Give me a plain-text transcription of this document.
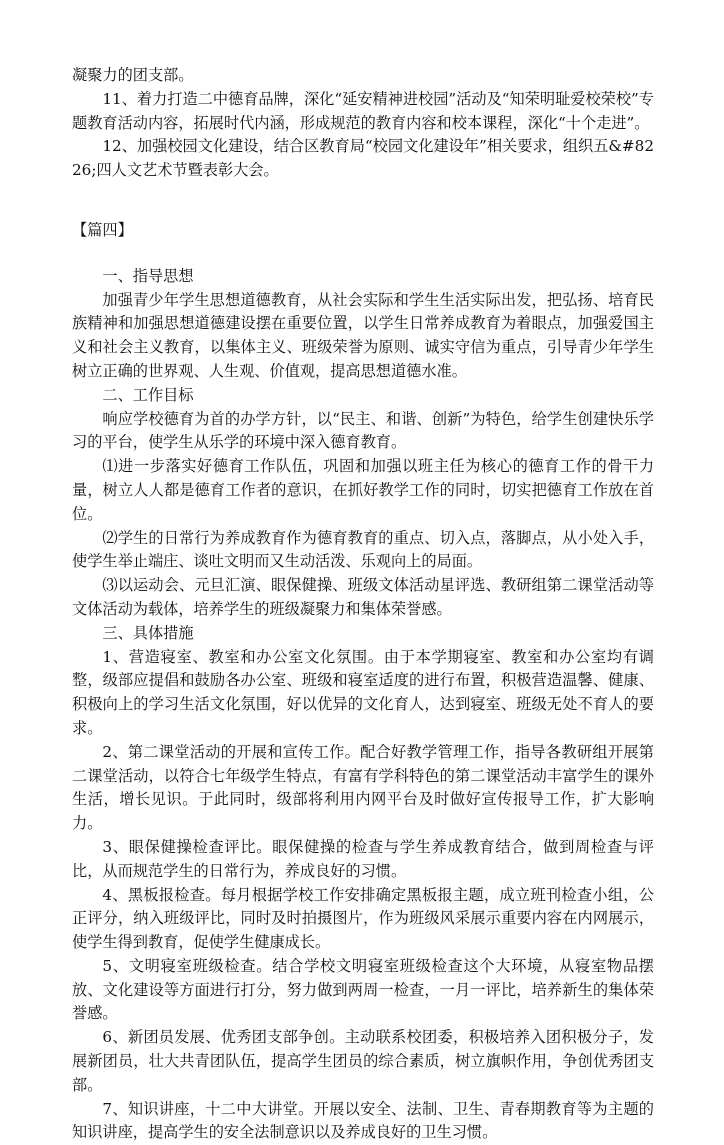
凝聚力的团支部。

11、着力打造二中德育品牌，深化“延安精神进校园”活动及“知荣明耻爱校荣校”专题教育活动内容，拓展时代内涵，形成规范的教育内容和校本课程，深化“十个走进”。

12、加强校园文化建设，结合区教育局“校园文化建设年”相关要求，组织五&#8226;四人文艺术节暨表彰大会。

【篇四】

一、指导思想

加强青少年学生思想道德教育，从社会实际和学生生活实际出发，把弘扬、培育民族精神和加强思想道德建设摆在重要位置，以学生日常养成教育为着眼点，加强爱国主义和社会主义教育，以集体主义、班级荣誉为原则、诚实守信为重点，引导青少年学生树立正确的世界观、人生观、价值观，提高思想道德水准。

二、工作目标

响应学校德育为首的办学方针，以“民主、和谐、创新”为特色，给学生创建快乐学习的平台，使学生从乐学的环境中深入德育教育。

⑴进一步落实好德育工作队伍，巩固和加强以班主任为核心的德育工作的骨干力量，树立人人都是德育工作者的意识，在抓好教学工作的同时，切实把德育工作放在首位。

⑵学生的日常行为养成教育作为德育教育的重点、切入点，落脚点，从小处入手，使学生举止端庄、谈吐文明而又生动活泼、乐观向上的局面。

⑶以运动会、元旦汇演、眼保健操、班级文体活动星评选、教研组第二课堂活动等文体活动为载体，培养学生的班级凝聚力和集体荣誉感。

三、具体措施

1、营造寝室、教室和办公室文化氛围。由于本学期寝室、教室和办公室均有调整，级部应提倡和鼓励各办公室、班级和寝室适度的进行布置，积极营造温馨、健康、积极向上的学习生活文化氛围，好以优异的文化育人，达到寝室、班级无处不育人的要求。

2、第二课堂活动的开展和宣传工作。配合好教学管理工作，指导各教研组开展第二课堂活动，以符合七年级学生特点，有富有学科特色的第二课堂活动丰富学生的课外生活，增长见识。于此同时，级部将利用内网平台及时做好宣传报导工作，扩大影响力。

3、眼保健操检查评比。眼保健操的检查与学生养成教育结合，做到周检查与评比，从而规范学生的日常行为，养成良好的习惯。

4、黑板报检查。每月根据学校工作安排确定黑板报主题，成立班刊检查小组，公正评分，纳入班级评比，同时及时拍摄图片，作为班级风采展示重要内容在内网展示，使学生得到教育，促使学生健康成长。

5、文明寝室班级检查。结合学校文明寝室班级检查这个大环境，从寝室物品摆放、文化建设等方面进行打分，努力做到两周一检查，一月一评比，培养新生的集体荣誉感。

6、新团员发展、优秀团支部争创。主动联系校团委，积极培养入团积极分子，发展新团员，壮大共青团队伍，提高学生团员的综合素质，树立旗帜作用，争创优秀团支部。

7、知识讲座，十二中大讲堂。开展以安全、法制、卫生、青春期教育等为主题的知识讲座，提高学生的安全法制意识以及养成良好的卫生习惯。
